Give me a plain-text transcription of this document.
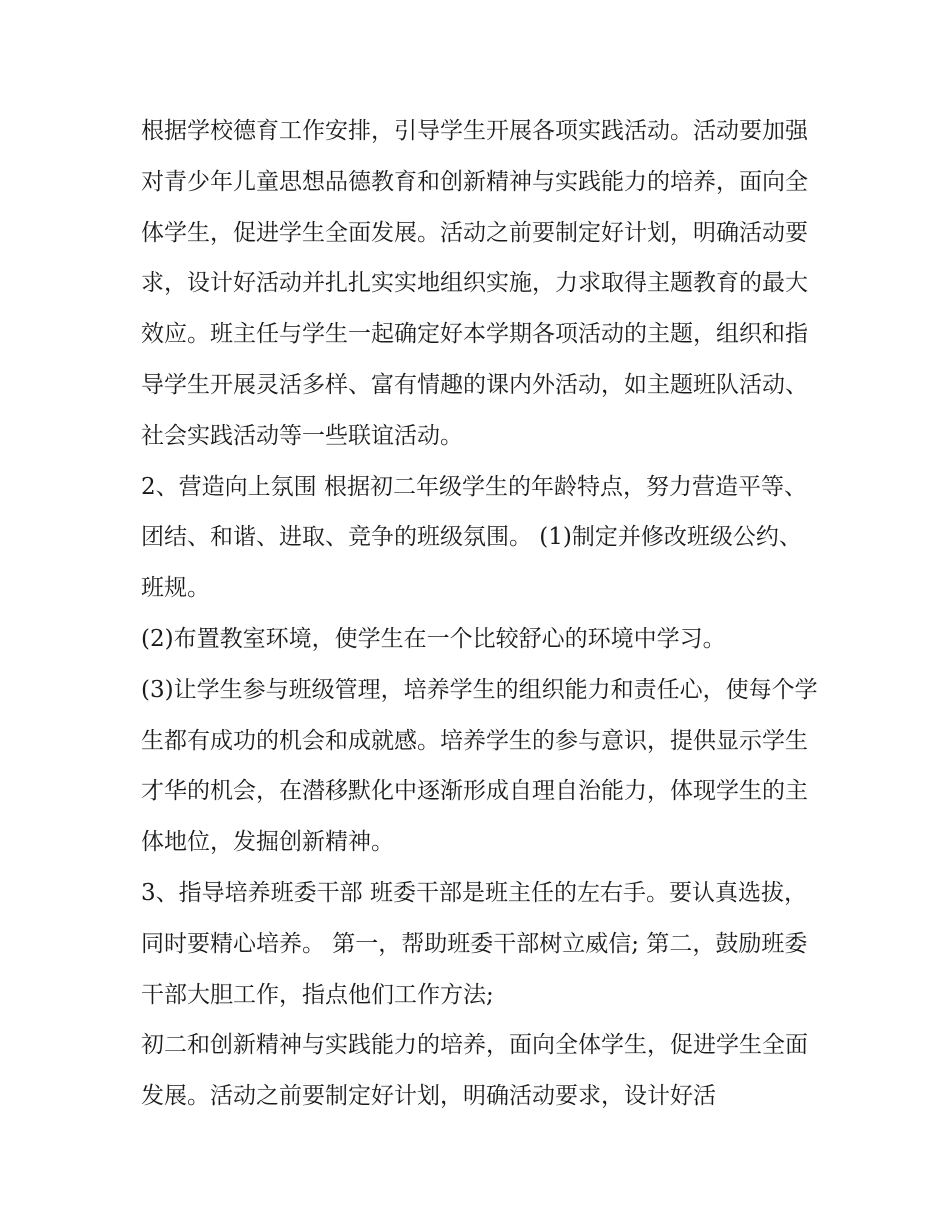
根据学校德育工作安排，引导学生开展各项实践活动。活动要加强对青少年儿童思想品德教育和创新精神与实践能力的培养，面向全体学生，促进学生全面发展。活动之前要制定好计划，明确活动要求，设计好活动并扎扎实实地组织实施，力求取得主题教育的最大效应。班主任与学生一起确定好本学期各项活动的主题，组织和指导学生开展灵活多样、富有情趣的课内外活动，如主题班队活动、社会实践活动等一些联谊活动。

2、营造向上氛围 根据初二年级学生的年龄特点，努力营造平等、团结、和谐、进取、竞争的班级氛围。 (1)制定并修改班级公约、班规。

(2)布置教室环境，使学生在一个比较舒心的环境中学习。

(3)让学生参与班级管理，培养学生的组织能力和责任心，使每个学生都有成功的机会和成就感。培养学生的参与意识，提供显示学生才华的机会，在潜移默化中逐渐形成自理自治能力，体现学生的主体地位，发掘创新精神。

3、指导培养班委干部 班委干部是班主任的左右手。要认真选拔，同时要精心培养。 第一，帮助班委干部树立威信; 第二，鼓励班委干部大胆工作，指点他们工作方法;

初二和创新精神与实践能力的培养，面向全体学生，促进学生全面发展。活动之前要制定好计划，明确活动要求，设计好活
